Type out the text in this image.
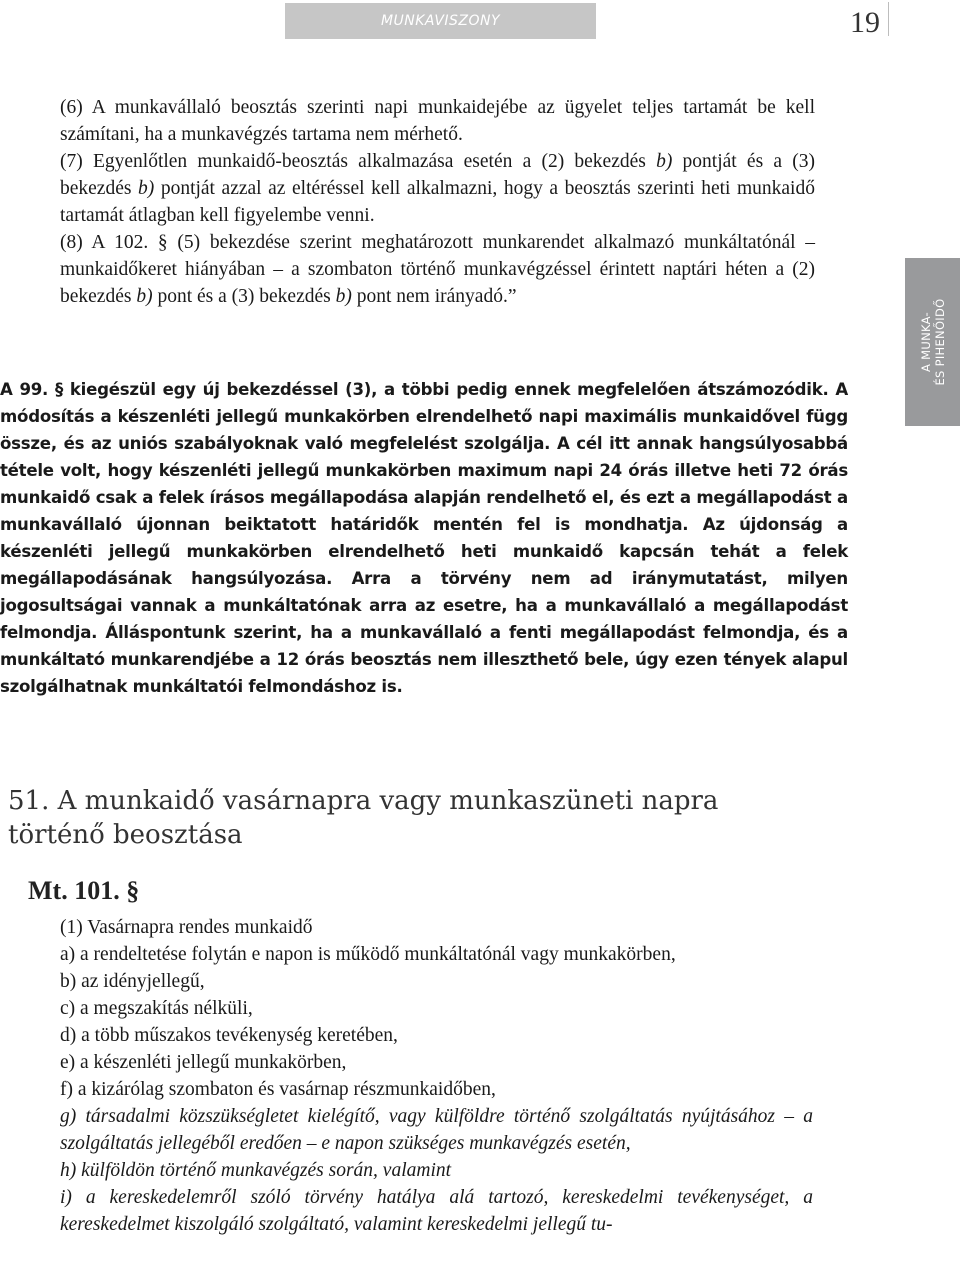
MUNKAVISZONY	19
A MUNKA- ÉS PIHENŐIDŐ

(6) A munkavállaló beosztás szerinti napi munkaidejébe az ügyelet teljes tartamát be kell számítani, ha a munkavégzés tartama nem mérhető.

(7) Egyenlőtlen munkaidő-beosztás alkalmazása esetén a (2) bekezdés b) pontját és a (3) bekezdés b) pontját azzal az eltéréssel kell alkalmazni, hogy a beosztás szerinti heti munkaidő tartamát átlagban kell figyelembe venni.

(8) A 102. § (5) bekezdése szerint meghatározott munkarendet alkalmazó munkáltatónál – munkaidőkeret hiányában – a szombaton történő munkavégzéssel érintett naptári héten a (2) bekezdés b) pont és a (3) bekezdés b) pont nem irányadó.”

A 99. § kiegészül egy új bekezdéssel (3), a többi pedig ennek megfelelően átszámozódik. A módosítás a készenléti jellegű munkakörben elrendelhető napi maximális munkaidővel függ össze, és az uniós szabályoknak való megfelelést szolgálja. A cél itt annak hangsúlyosabbá tétele volt, hogy készenléti jellegű munkakörben maximum napi 24 órás illetve heti 72 órás munkaidő csak a felek írásos megállapodása alapján rendelhető el, és ezt a megállapodást a munkavállaló újonnan beiktatott határidők mentén fel is mondhatja. Az újdonság a készenléti jellegű munkakörben elrendelhető heti munkaidő kapcsán tehát a felek megállapodásának hangsúlyozása. Arra a törvény nem ad iránymutatást, milyen jogosultságai vannak a munkáltatónak arra az esetre, ha a munkavállaló a megállapodást felmondja. Álláspontunk szerint, ha a munkavállaló a fenti megállapodást felmondja, és a munkáltató munkarendjébe a 12 órás beosztás nem illeszthető bele, úgy ezen tények alapul szolgálhatnak munkáltatói felmondáshoz is.
51. A munkaidő vasárnapra vagy munkaszüneti napra történő beosztása
Mt. 101. §

(1) Vasárnapra rendes munkaidő

a) a rendeltetése folytán e napon is működő munkáltatónál vagy munkakörben,

b) az idényjellegű,

c) a megszakítás nélküli,

d) a több műszakos tevékenység keretében,

e) a készenléti jellegű munkakörben,

f) a kizárólag szombaton és vasárnap részmunkaidőben,

g) társadalmi közszükségletet kielégítő, vagy külföldre történő szolgáltatás nyújtásához – a szolgáltatás jellegéből eredően – e napon szükséges munkavégzés esetén,

h) külföldön történő munkavégzés során, valamint

i) a kereskedelemről szóló törvény hatálya alá tartozó, kereskedelmi tevékenységet, a kereskedelmet kiszolgáló szolgáltató, valamint kereskedelmi jellegű tu-
